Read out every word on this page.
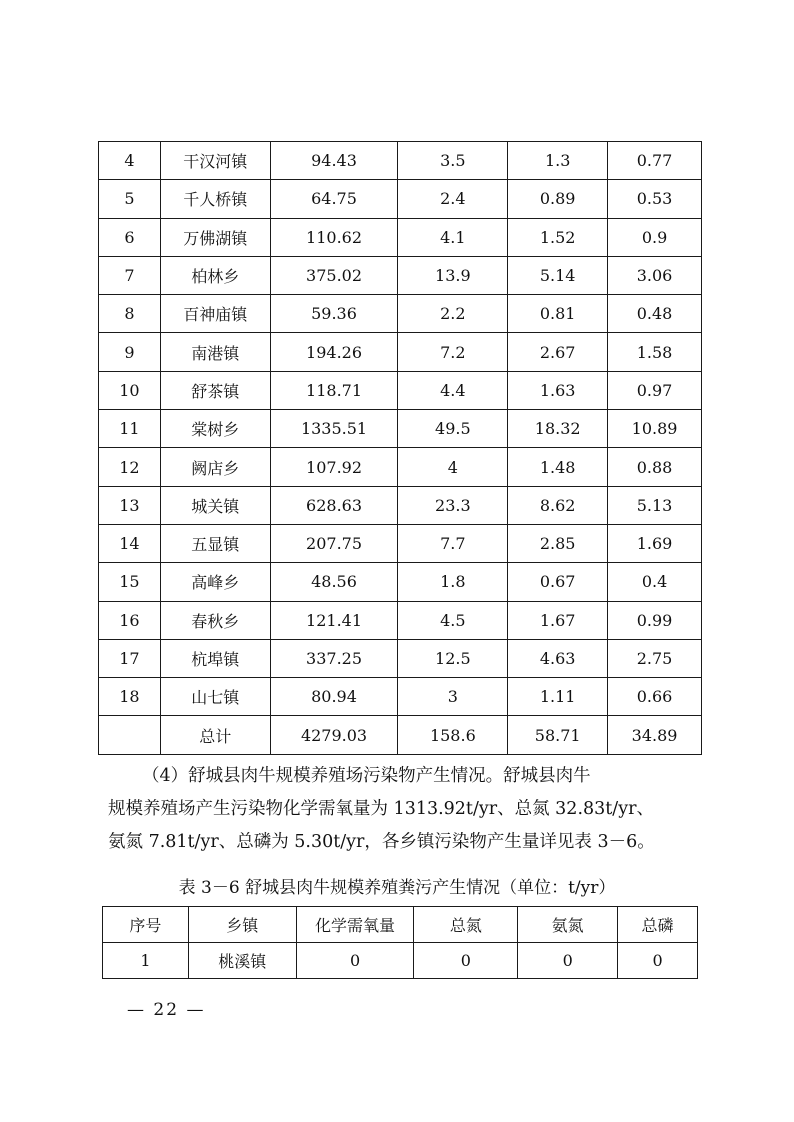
4	干汉河镇	94.43	3.5	1.3	0.77
5	千人桥镇	64.75	2.4	0.89	0.53
6	万佛湖镇	110.62	4.1	1.52	0.9
7	柏林乡	375.02	13.9	5.14	3.06
8	百神庙镇	59.36	2.2	0.81	0.48
9	南港镇	194.26	7.2	2.67	1.58
10	舒茶镇	118.71	4.4	1.63	0.97
11	棠树乡	1335.51	49.5	18.32	10.89
12	阙店乡	107.92	4	1.48	0.88
13	城关镇	628.63	23.3	8.62	5.13
14	五显镇	207.75	7.7	2.85	1.69
15	高峰乡	48.56	1.8	0.67	0.4
16	春秋乡	121.41	4.5	1.67	0.99
17	杭埠镇	337.25	12.5	4.63	2.75
18	山七镇	80.94	3	1.11	0.66
	总计	4279.03	158.6	58.71	34.89

（4）舒城县肉牛规模养殖场污染物产生情况。舒城县肉牛

规模养殖场产生污染物化学需氧量为 1313.92t/yr、总氮 32.83t/yr、

氨氮 7.81t/yr、总磷为 5.30t/yr，各乡镇污染物产生量详见表 3－6。

表 3－6 舒城县肉牛规模养殖粪污产生情况（单位：t/yr）
序号	乡镇	化学需氧量	总氮	氨氮	总磷
1	桃溪镇	0	0	0	0
— 22 —
